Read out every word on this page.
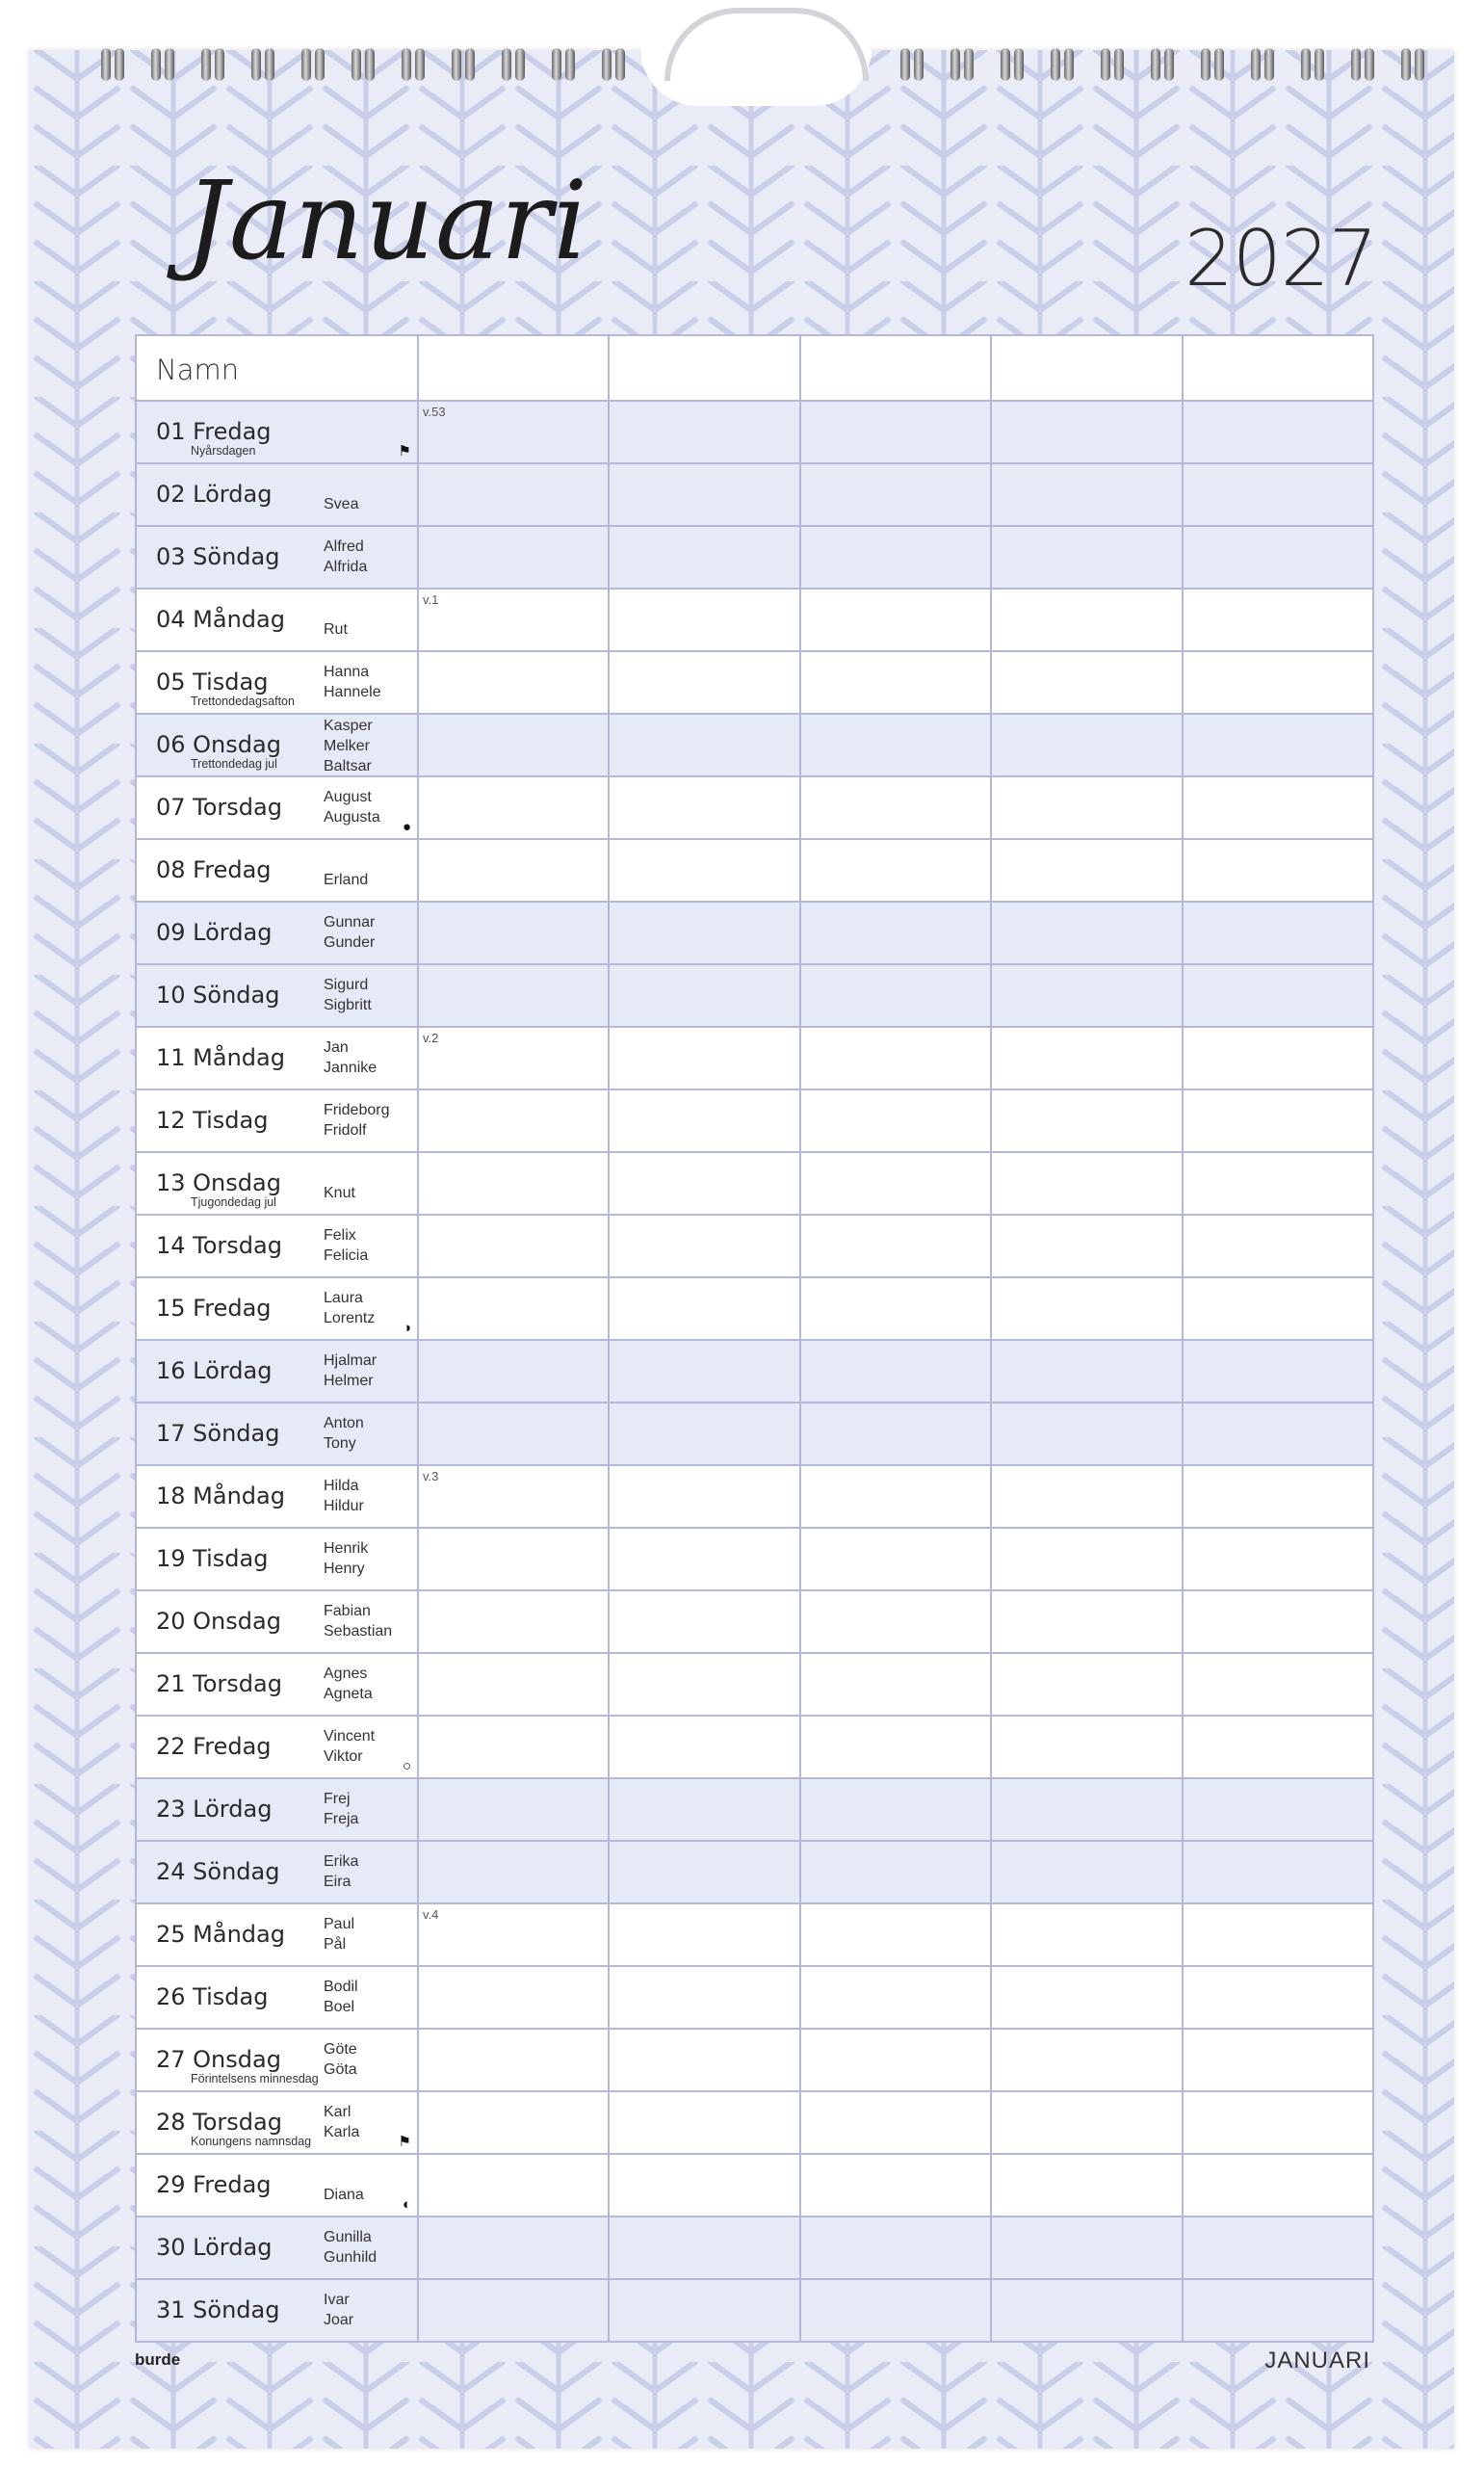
Januari	2027
Namn
01 Fredag
Nyårsdagen	⚑
v.53
02 Lördag	Svea
03 Söndag	Alfred
Alfrida
04 Måndag	Rut
v.1
05 Tisdag
Trettondedagsafton
Hanna
Hannele
06 Onsdag
Trettondedag jul
Kasper
Melker
Baltsar
07 Torsdag	August
Augusta
●
08 Fredag	Erland
09 Lördag	Gunnar
Gunder
10 Söndag	Sigurd
Sigbritt
11 Måndag	Jan
Jannike
v.2
12 Tisdag	Frideborg
Fridolf
13 Onsdag
Tjugondedag jul
Knut
14 Torsdag	Felix
Felicia
15 Fredag	Laura
Lorentz
◑
16 Lördag	Hjalmar
Helmer
17 Söndag	Anton
Tony
18 Måndag	Hilda
Hildur
v.3
19 Tisdag	Henrik
Henry
20 Onsdag	Fabian
Sebastian
21 Torsdag	Agnes
Agneta
22 Fredag	Vincent
Viktor
○
23 Lördag	Frej
Freja
24 Söndag	Erika
Eira
25 Måndag	Paul
Pål
v.4
26 Tisdag	Bodil
Boel
27 Onsdag
Förintelsens minnesdag
Göte
Göta
28 Torsdag
Konungens namnsdag
Karl
Karla
⚑
29 Fredag	Diana
◐
30 Lördag	Gunilla
Gunhild
31 Söndag	Ivar
Joar
burde	JANUARI
